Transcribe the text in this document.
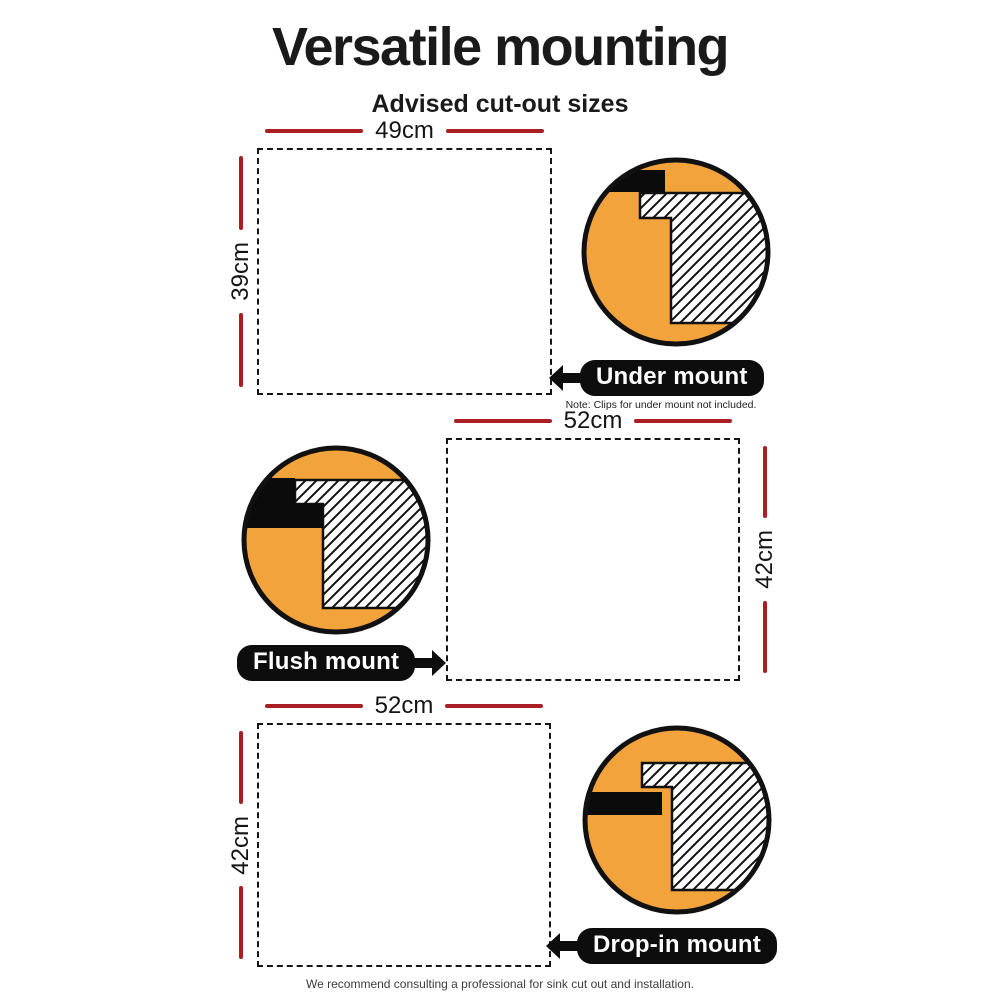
Versatile mounting
Advised cut-out sizes
49cm
39cm
Under mount
Note: Clips for under mount not included.
Flush mount
52cm
42cm
52cm
42cm
Drop-in mount
We recommend consulting a professional for sink cut out and installation.
